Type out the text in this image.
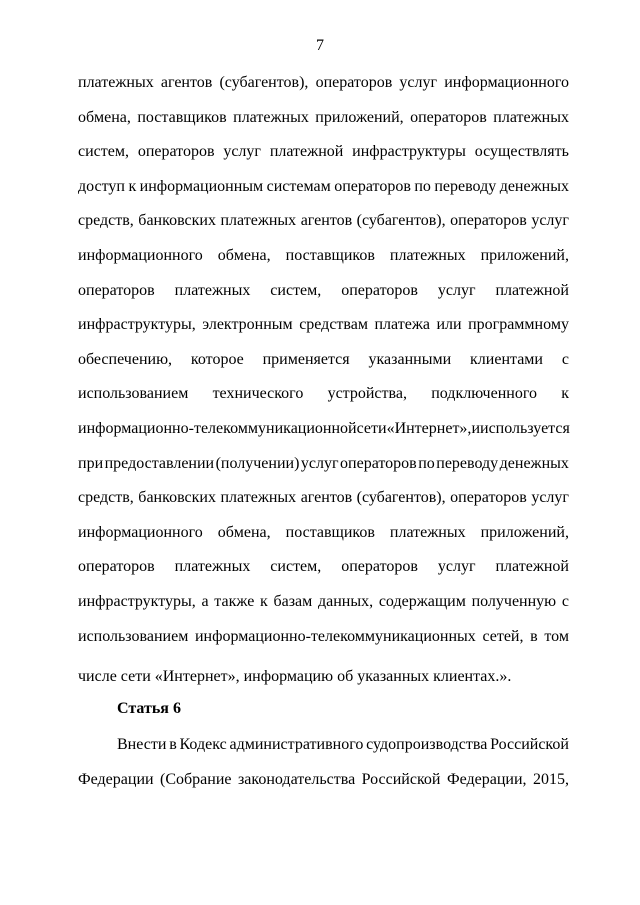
7
платежных агентов (субагентов), операторов услуг информационного
обмена, поставщиков платежных приложений, операторов платежных
систем, операторов услуг платежной инфраструктуры осуществлять
доступ к информационным системам операторов по переводу денежных
средств, банковских платежных агентов (субагентов), операторов услуг
информационного обмена, поставщиков платежных приложений,
операторов платежных систем, операторов услуг платежной
инфраструктуры, электронным средствам платежа или программному
обеспечению, которое применяется указанными клиентами с
использованием технического устройства, подключенного к
информационно-телекоммуникационной сети «Интернет», и используется
при предоставлении (получении) услуг операторов по переводу денежных
средств, банковских платежных агентов (субагентов), операторов услуг
информационного обмена, поставщиков платежных приложений,
операторов платежных систем, операторов услуг платежной
инфраструктуры, а также к базам данных, содержащим полученную с
использованием информационно-телекоммуникационных сетей, в том
числе сети «Интернет», информацию об указанных клиентах.».
Статья 6
Внести в Кодекс административного судопроизводства Российской
Федерации (Собрание законодательства Российской Федерации, 2015,
